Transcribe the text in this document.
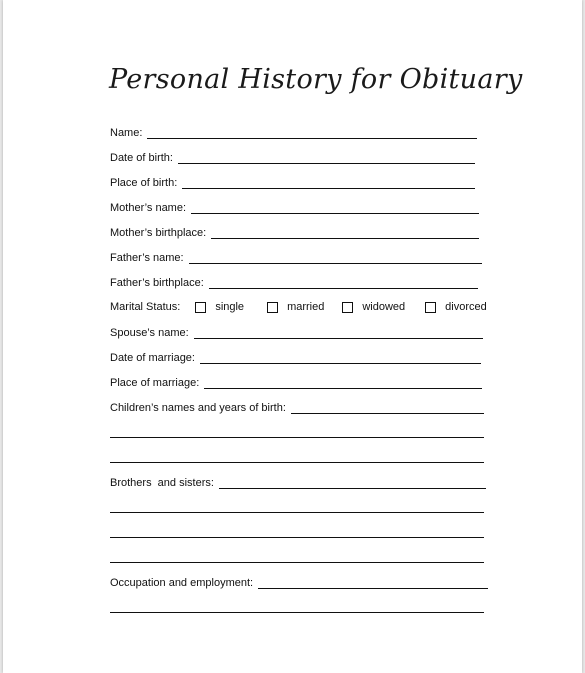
Personal History for Obituary
Name:
Date of birth:
Place of birth:
Mother’s name:
Mother’s birthplace:
Father’s name:
Father’s birthplace:
Marital Status:	single	married	widowed	divorced
Spouse’s name:
Date of marriage:
Place of marriage:
Children’s names and years of birth:
Brothers  and sisters:
Occupation and employment:
